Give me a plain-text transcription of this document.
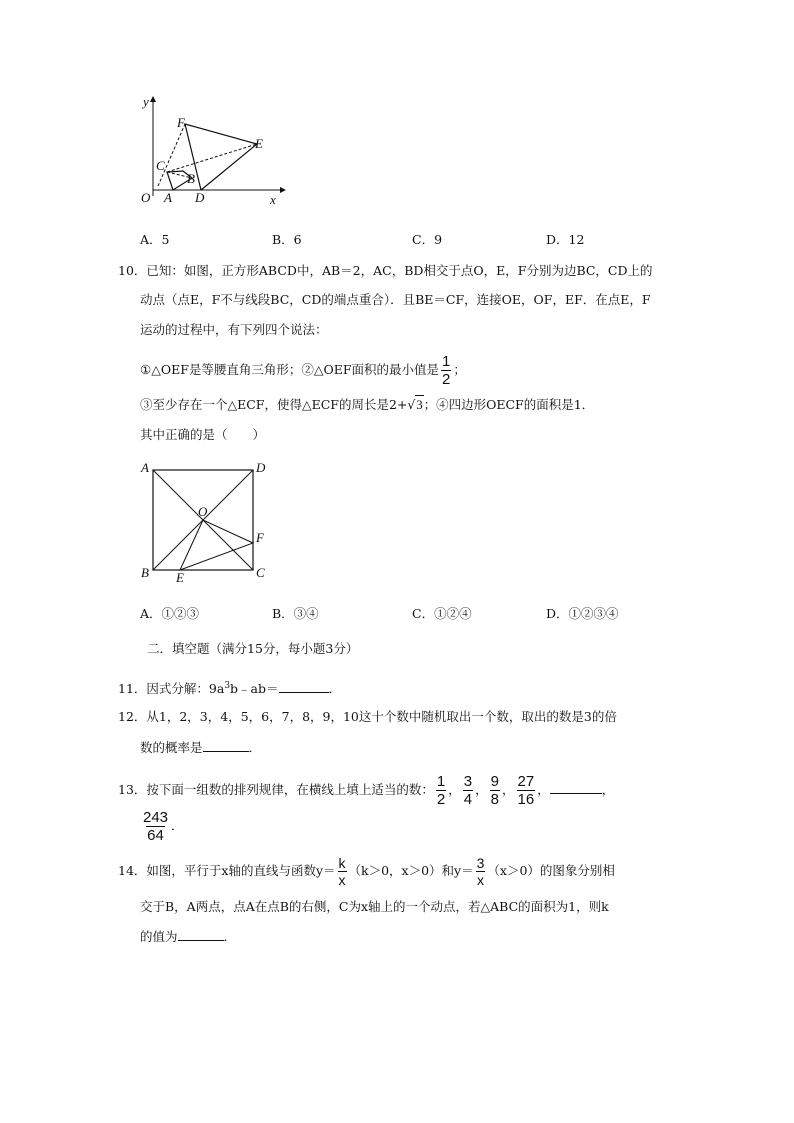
y
x
O A
B
C
D
E
F
A．5	B．6	C．9	D．12
10．已知：如图，正方形ABCD中，AB＝2，AC，BD相交于点O，E，F分别为边BC，CD上的
动点（点E，F不与线段BC，CD的端点重合）．且BE＝CF，连接OE，OF，EF．在点E，F
运动的过程中，有下列四个说法：
①△OEF是等腰直角三角形；②△OEF面积的最小值是 $\frac{1}{2}$ ；
③至少存在一个△ECF，使得△ECF的周长是2+√3；④四边形OECF的面积是1．
其中正确的是（　　）
A	D
O
F
B E	C
A．①②③	B．③④	C．①②④	D．①②③④
二．填空题（满分15分，每小题3分）
11．因式分解：$9a^3b﹣ab=$	．
12．从1，2，3，4，5，6，7，8，9，10这十个数中随机取出一个数，取出的数是3的倍
数的概率是	．
13．按下面一组数的排列规律，在横线上填上适当的数： $\frac{1}{2}$ ， $\frac{3}{4}$ ， $\frac{9}{8}$ ， $\frac{27}{16}$ ，	，
$\frac{243}{64}$ ．
14．如图，平行于x轴的直线与函数$y= \frac{k}{x} (k>0$，x＞0）和$y= \frac{3}{x} (x>0)$的图象分别相
交于B，A两点，点A在点B的右侧，C为x轴上的一个动点，若△ABC的面积为1，则k
的值为	．
